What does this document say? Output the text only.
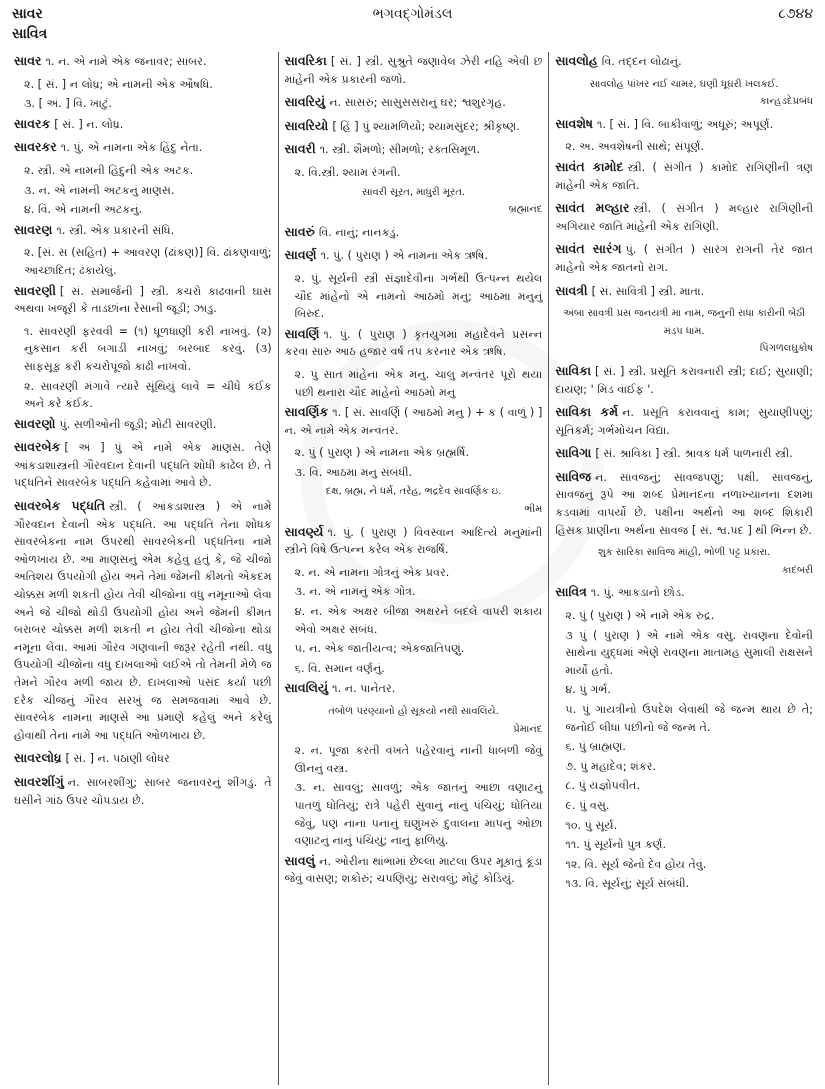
સાવર
સાવિત્ર
ભગવદ્ગોમંડલ	૮૭૪૪

સાવર ૧. ન. એ નામે એક જનાવર; સાબર.

૨. [ સં. ] ન લોધ્ર; એ નામની એક ઔષધિ.

૩. [ અં. ] વિ. ખાટું.

સાવરક [ સં. ] ન. લોધ્ર.

સાવરકર ૧. પું. એ નામના એક હિંદુ નેતા.

૨. સ્ત્રી. એ નામની હિંદુની એક અટક.

૩. ન. એ નામની અટકનું માણસ.

૪. વિ. એ નામની અટકનું.

સાવરણ ૧. સ્ત્રી. એક પ્રકારની સંધિ.

૨. [સં. સ (સહિત) + આવરણ (ઢાંકણ)] વિ. ઢાંકણવાળું; આચ્છાદિત; ઢંકાયેલું.

સાવરણી [ સં. સંમાર્જની ] સ્ત્રી. કચરો કાઢવાની ઘાસ અથવા ખજૂરી કે તાડછાંના રેસાની જૂડી; ઝાડુ.

૧. સાવરણી ફરવવી = (૧) ધૂળધાણી કરી નાખવું. (૨) નુકસાન કરી બગાડી નાખવું; બરબાદ કરવું. (૩) સાફસૂફ કરી કચરોપૂંજો કાઢી નાખવો.

૨. સાવરણી મંગાવે ત્યારે સૂંથિયું લાવે = ચીંધે કંઈક અને કરે કંઈક.

સાવરણો પું. સળીઓની જૂડી; મોટી સાવરણી.

સાવરબેક [ અં ] પું એ નામે એક માણસ. તેણે આંકડાશાસ્ત્રની ગૌરવદાન દેવાની પદ્ધતિ શોધી કાઢેલ છે. તે પદ્ધતિને સાવરબેક પદ્ધતિ કહેવામાં આવે છે.

સાવરબેક પદ્ધતિ સ્ત્રી. ( આંકડાશાસ્ત્ર ) એ નામે ગૌરવદાન દેવાની એક પદ્ધતિ. આ પદ્ધતિ તેના શોધક સાવરબેકના નામ ઉપરથી સાવરબેકની પદ્ધતિના નામે ઓળખાય છે. આ માણસનું એમ કહેવું હતું કે, જે ચીજો અતિશય ઉપયોગી હોય અને તેમાં જેમની કીમતો એકદમ ચોક્કસ મળી શકતી હોય તેવી ચીજોના વધુ નમૂનાઓ લેવા અને જે ચીજો થોડી ઉપયોગી હોય અને જેમની કીમત બરાબર ચોક્કસ મળી શકતી ન હોય તેવી ચીજોના થોડા નમૂના લેવા. આમાં ગૌરવ ગણવાની જરૂર રહેતી નથી. વધુ ઉપયોગી ચીજોના વધુ દાખલાઓ લઈએ તો તેમની મેળે જ તેમને ગૌરવ મળી જાય છે. દાખલાઓ પસંદ કર્યા પછી દરેક ચીજનું ગૌરવ સરખું જ સમજવામાં આવે છે. સાવરબેક નામના માણસે આ પ્રમાણે કહેલું અને કરેલું હોવાથી તેના નામે આ પદ્ધતિ ઓળખાય છે.

સાવરલોધ્ર [ સં. ] ન. પઠાણી લોધર

સાવરશીંગું ન. સાબરશીંગું; સાબર જનાવરનું શીંગડું. તે ઘસીને ગાંઠ ઉપર ચોપડાય છે.

સાવરિકા [ સં. ] સ્ત્રી. સુશ્રુતે જણાવેલ ઝેરી નહિ એવી છ માંહેની એક પ્રકારની જળો.

સાવરિયું ન. સાસરું; સાસુસસરાનું ઘર; શ્વશુરગૃહ.

સાવરિયો [ હિં ] પું શ્યામળિયો; શ્યામસુંદર; શ્રીકૃષ્ણ.

સાવરી ૧. સ્ત્રી. શૈમળો; સીમળો; રક્તસિમૂળ.

૨. વિ.સ્ત્રી. શ્યામ રંગની.

સાવરી સૂરત, માધુરી મૂરત.

બ્રહ્માનંદ

સાવરું વિ. નાનું; નાનકડું.

સાવર્ણ ૧. પું. ( પુરાણ ) એ નામના એક ઋષિ.

૨. પું. સૂર્યની સ્ત્રી સંજ્ઞાદેવીના ગર્ભથી ઉત્પન્ન થયેલ ચૌદ માંહેનો એ નામનો આઠમો મનુ; આઠમા મનુનું બિરુદ.

સાવર્ણિ ૧. પું. ( પુરાણ ) કૃતયુગમાં મહાદેવને પ્રસન્ન કરવા સારુ આઠ હજાર વર્ષ તપ કરનાર એક ઋષિ.

૨. પું સાત માંહેના એક મનુ. ચાલુ મન્વંતર પૂરો થયા પછી થનારા ચૌદ માંહેનો આઠમો મનુ

સાવર્ણિક ૧. [ સં. સાવર્ણિ ( આઠમો મનુ ) + ક ( વાળું ) ] ન. એ નામે એક મન્વંતર.

૨. પું ( પુરાણ ) એ નામના એક બ્રહ્મર્ષિ.

૩. વિ. આઠમા મનુ સંબંધી.

દક્ષ, બ્રહ્મ, ને ધર્મ, તરેહ, ભદ્રદેવ સાવર્ણિક ઇ.

ભીમ

સાવર્ણ્ય ૧. પું. ( પુરાણ ) વિવસ્વાન આદિત્યે મનુમાંની સ્ત્રીને વિષે ઉત્પન્ન કરેલ એક રાજર્ષિ.

૨. ન. એ નામના ગોત્રનું એક પ્રવર.

૩. ન. એ નામનું એક ગોત્ર.

૪. ન. એક અક્ષર બીજા અક્ષરને બદલે વાપરી શકાય એવો અક્ષર સંબંધ.

૫. ન. એક જાતીયત્વ; એકજાતિપણું.

૬. વિ. સમાન વર્ણનું.

સાવલિયું ૧. ન. પાનેતર.

તંબોળ પરણ્યાનો હો સૂકયો નથી સાવલિયે.

પ્રેમાનંદ

૨. ન. પૂજા કરતી વખતે પહેરવાનું નાની ધાબળી જેવું ઊનનું વસ્ત્ર.

૩. ન. સાવલું; સાવળું; એક જાતનું આછા વણાટનું પાતળું ધોતિયું; રાત્રે પહેરી સુવાનું નાનું પંચિયું; ધોતિયા જેવું, પણ નાના પનાનું ઘણુંખરું દુવાલના માપનું ઓછા વણાટનું નાનું પંચિયું; નાનું ફાળિયું.

સાવલું ન. ઓરીના થાંભામાં છેલ્લા માટલા ઉપર મૂકાતું કૂંડા જેવું વાસણ; શકોરું; ચપણિયું; સરાવલું; મોટું કોડિયું.

સાવલોહ વિ. તદ્દન લોઢાનું.

સાવલોહ પાંખર નઈ ચામર, ઘણી ધૂઘરી ખલકઈ.

કાન્હડદેપ્રબંધ

સાવશેષ ૧. [ સં. ] વિ. બાકીવાળું; અધૂરું; અપૂર્ણ.

૨. અ. અવશેષની સાથે; સંપૂર્ણ.

સાવંત કામોદ સ્ત્રી. ( સંગીત ) કામોદ રાગિણીની ત્રણ માંહેની એક જાતિ.

સાવંત મલ્હાર સ્ત્રી. ( સંગીત ) મલ્હાર રાગિણીની અગિયાર જાતિ માંહેની એક રાગિણી.

સાવંત સારંગ પું. ( સંગીત ) સારંગ રાગની તેર જાત માંહેનો એક જાતનો રાગ.

સાવત્રી [ સં. સાવિત્રી ] સ્ત્રી. માતા.

અંબા સાવત્રી પ્રસ જનયત્રી મા નામ, જનુની રાધા કારીની બેઠી મંડપ ધામ.

પિંગળલઘુકોષ

સાવિકા [ સં. ] સ્ત્રી. પ્રસૂતિ કરાવનારી સ્ત્રી; દાઈ; સુયાણી; દાયણ; ' મિડ વાઈફ '.

સાવિકા કર્મ ન. પ્રસૂતિ કરાવવાનું કામ; સુયાણીપણું; સૂતિકર્મ; ગર્ભમોચન વિદ્યા.

સાવિગા [ સં. શ્રાવિકા ] સ્ત્રી. શ્રાવક ધર્મ પાળનારી સ્ત્રી.

સાવિજ ન. સાવજનું; સાવજપણું; પક્ષી. સાવજનું, સાવજનું રૂપે આ શબ્દ પ્રેમાનંદના નળાખ્યાનના દશમા કડવામાં વાપર્યો છે. પક્ષીના અર્થનો આ શબ્દ શિકારી હિંસક પ્રાણીના અર્થના સાવજ [ સં. શ્વ.પદ ] થી ભિન્ન છે.

શુક સારિકા સાવિજ માંહી, ભોળી પટ્ટ પ્રકારા.

કાદંબરી

સાવિત્ર ૧. પું. આકડાનો છોડ.

૨. પું ( પુરાણ ) એ નામે એક રુદ્ર.

૩ પું ( પુરાણ ) એ નામે એક વસુ. રાવણના દેવોની સાથેના યુદ્ધમાં એણે રાવણના માતામહ સુમાલી રાક્ષસને માર્યો હતો.

૪. પું ગર્ભ.

૫. પું ગાયત્રીનો ઉપદેશ લેવાથી જે જન્મ થાય છે તે; જનોઈ લીધા પછીનો જે જન્મ તે.

૬. પું બ્રાહ્મણ.

૭. પું મહાદેવ; શંકર.

૮. પું યજ્ઞોપવીત.

૯. પું વસુ.

૧૦. પું સૂર્ય.

૧૧. પું સૂર્યનો પુત્ર કર્ણ.

૧૨. વિ. સૂર્ય જેનો દેવ હોય તેવું.

૧૩. વિ. સૂર્યનું; સૂર્ય સંબંધી.
